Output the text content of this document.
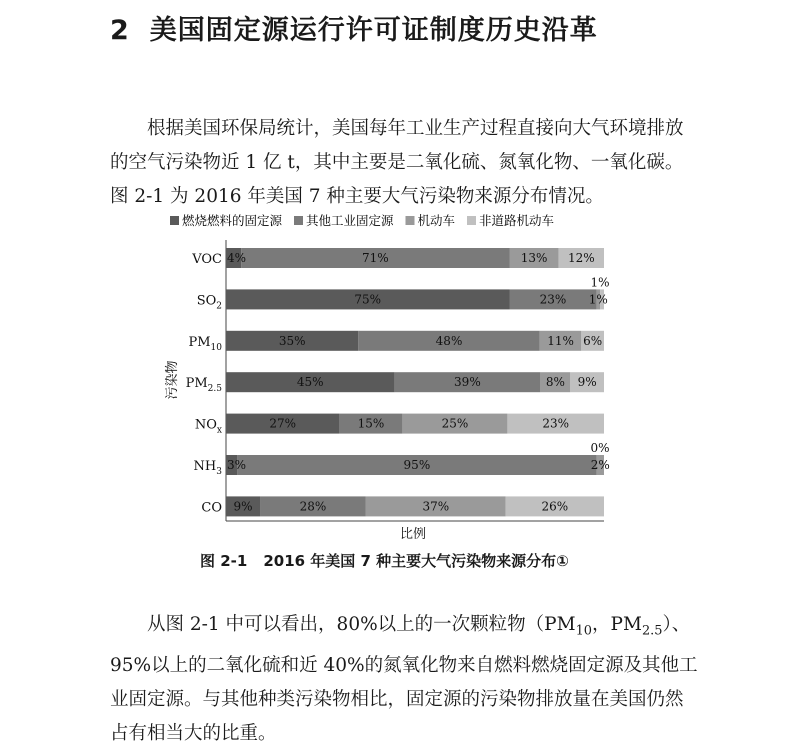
2 美国固定源运行许可证制度历史沿革
根据美国环保局统计，美国每年工业生产过程直接向大气环境排放的空气污染物近 1 亿 t，其中主要是二氧化硫、氮氧化物、一氧化碳。图 2-1 为 2016 年美国 7 种主要大气污染物来源分布情况。
燃烧燃料的固定源 其他工业固定源 机动车 非道路机动车
4%	71%	13% 12%
VOC
75%	23% 1%
1%
$SO_2$
35%	48%	11% 6%
$PM_{10}$
45%	39%	8% 9%
$PM_{2.5}$
27%	15%	25%	23%
$NO_x$
3%	95%	2%
0%
$NH_3$
9%	28%	37%	26%
CO
比例
污染物
图 2-1 2016 年美国 7 种主要大气污染物来源分布①
从图 2-1 中可以看出，80%以上的一次颗粒物（$PM_{10}$，$PM_{2.5}$）、95%以上的二氧化硫和近 40%的氮氧化物来自燃料燃烧固定源及其他工业固定源。与其他种类污染物相比，固定源的污染物排放量在美国仍然占有相当大的比重。
